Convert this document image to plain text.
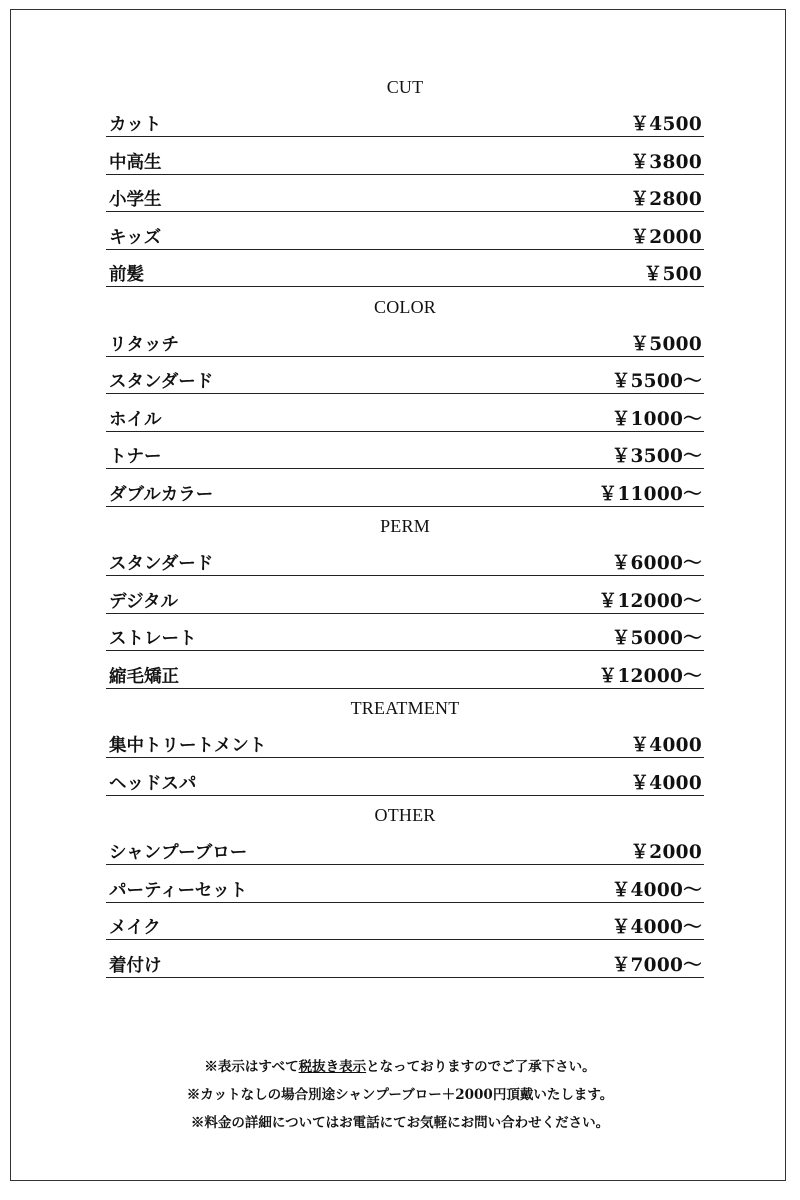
CUT
カット	￥4500
中高生	￥3800
小学生	￥2800
キッズ	￥2000
前髪	￥500
COLOR
リタッチ	￥5000
スタンダード	￥5500〜
ホイル	￥1000〜
トナー	￥3500〜
ダブルカラー	￥11000〜
PERM
スタンダード	￥6000〜
デジタル	￥12000〜
ストレート	￥5000〜
縮毛矯正	￥12000〜
TREATMENT
集中トリートメント	￥4000
ヘッドスパ	￥4000
OTHER
シャンプーブロー	￥2000
パーティーセット	￥4000〜
メイク	￥4000〜
着付け	￥7000〜
※表示はすべて税抜き表示となっておりますのでご了承下さい。
※カットなしの場合別途シャンプーブロー＋2000円頂戴いたします。
※料金の詳細についてはお電話にてお気軽にお問い合わせください。
